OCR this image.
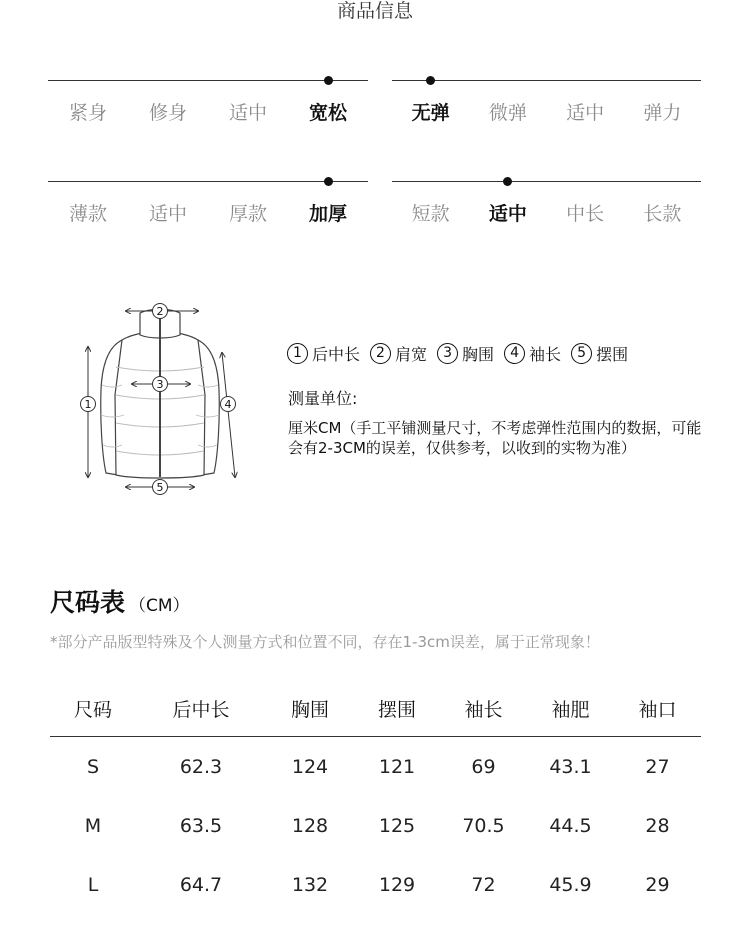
商品信息
紧身	修身	适中	宽松	无弹	微弹	适中	弹力
薄款	适中	厚款	加厚	短款	适中	中长	长款
1
2
3
4
5
1 后中长	2 肩宽	3 胸围	4 袖长	5 摆围
测量单位:
厘米CM（手工平铺测量尺寸，不考虑弹性范围内的数据，可能会有2-3CM的误差，仅供参考，以收到的实物为准）
尺码表 （CM）
*部分产品版型特殊及个人测量方式和位置不同，存在1-3cm误差，属于正常现象！
尺码	后中长	胸围	摆围	袖长	袖肥	袖口
S	62.3	124	121	69	43.1	27
M	63.5	128	125	70.5	44.5	28
L	64.7	132	129	72	45.9	29
